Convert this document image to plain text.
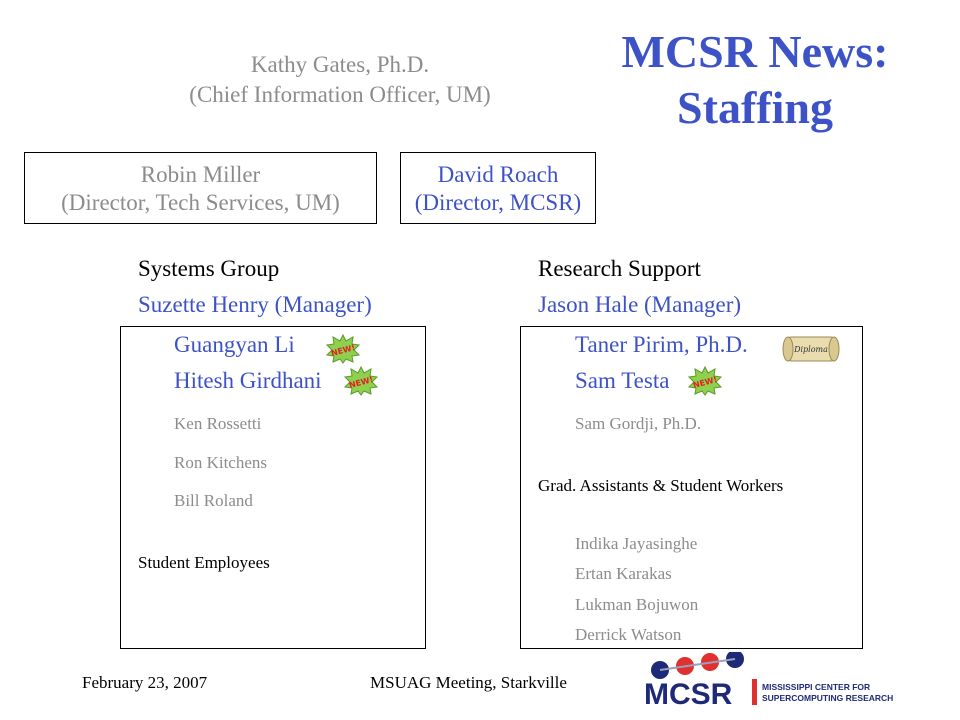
MCSR News:
Staffing
Kathy Gates, Ph.D.
(Chief Information Officer, UM)
Robin Miller
(Director, Tech Services, UM)
David Roach
(Director, MCSR)
Systems Group
Suzette Henry (Manager)
Guangyan Li
Hitesh Girdhani
Ken Rossetti
Ron Kitchens
Bill Roland
Student Employees
NEW!
NEW!
Research Support
Jason Hale (Manager)
Taner Pirim, Ph.D.
Sam Testa
Sam Gordji, Ph.D.
Grad. Assistants & Student Workers
Indika Jayasinghe
Ertan Karakas
Lukman Bojuwon
Derrick Watson
Diploma
NEW!
February 23, 2007	MSUAG Meeting, Starkville	MCSR	MISSISSIPPI CENTER FOR
SUPERCOMPUTING RESEARCH
